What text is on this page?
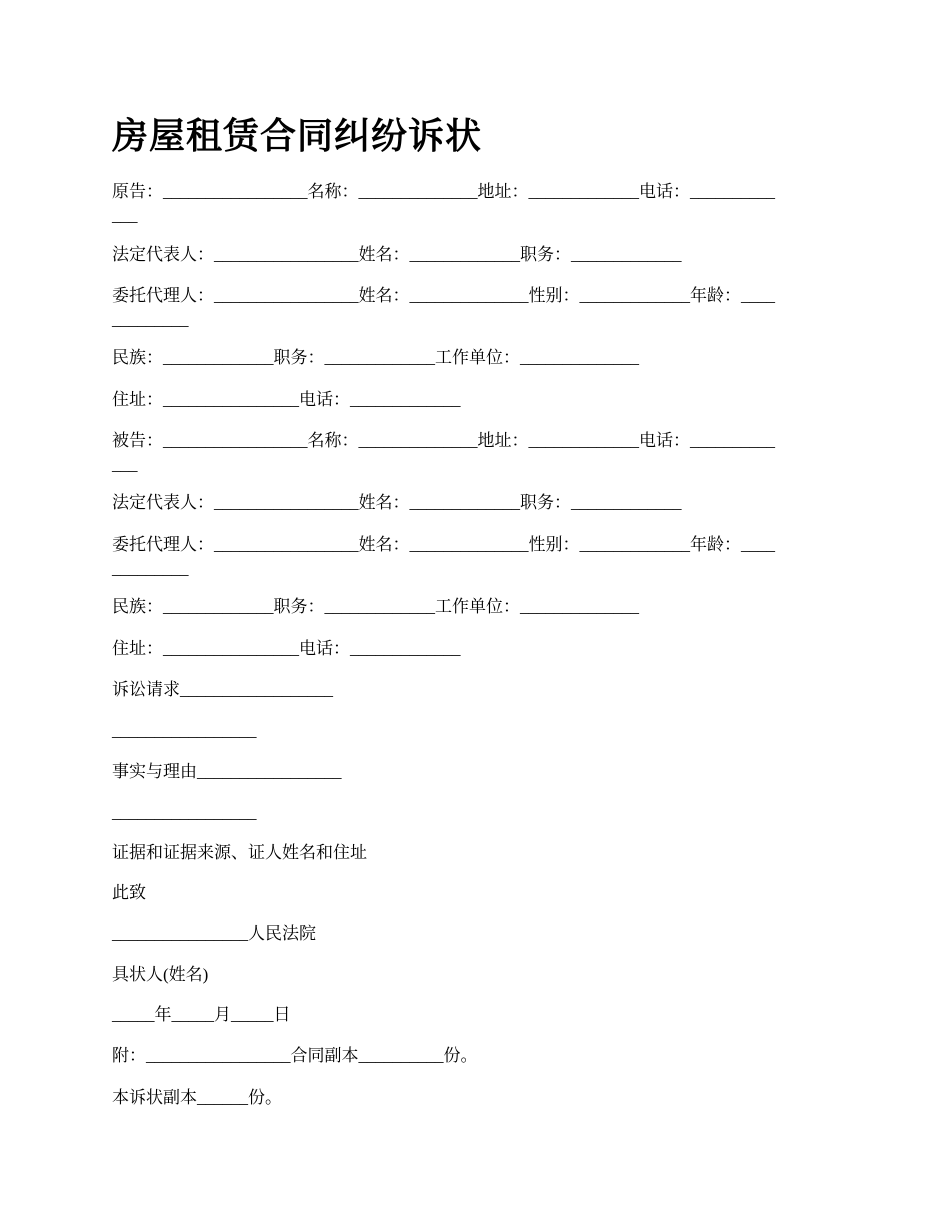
房屋租赁合同纠纷诉状

原告：_________________名称：______________地址：_____________电话：__________

___

法定代表人：_________________姓名：_____________职务：_____________

委托代理人：_________________姓名：______________性别：_____________年龄：____

_________

民族：_____________职务：_____________工作单位：______________

住址：________________电话：_____________

被告：_________________名称：______________地址：_____________电话：__________

___

法定代表人：_________________姓名：_____________职务：_____________

委托代理人：_________________姓名：______________性别：_____________年龄：____

_________

民族：_____________职务：_____________工作单位：______________

住址：________________电话：_____________

诉讼请求__________________

_________________

事实与理由_________________

_________________

证据和证据来源、证人姓名和住址

此致

________________人民法院

具状人(姓名)

_____年_____月_____日

附：_________________合同副本__________份。

本诉状副本______份。
